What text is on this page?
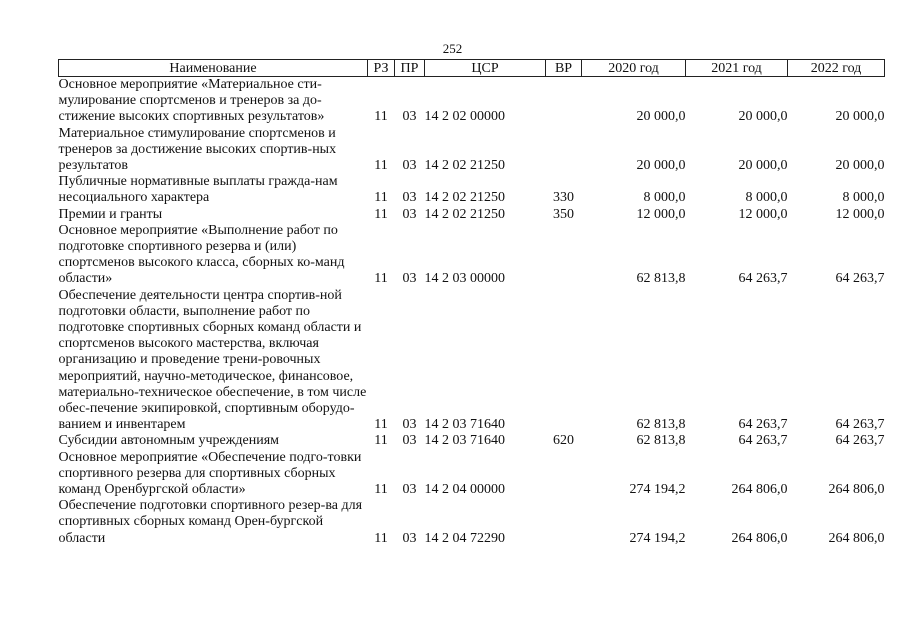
252
Наименование	РЗ	ПР	ЦСР	ВР	2020 год	2021 год	2022 год
Основное мероприятие «Материальное сти-мулирование спортсменов и тренеров за до-стижение высоких спортивных результатов»	11	03	14 2 02 00000		20 000,0	20 000,0	20 000,0
Материальное стимулирование спортсменов и тренеров за достижение высоких спортив-ных результатов	11	03	14 2 02 21250		20 000,0	20 000,0	20 000,0
Публичные нормативные выплаты гражда-нам несоциального характера	11	03	14 2 02 21250	330	8 000,0	8 000,0	8 000,0
Премии и гранты	11	03	14 2 02 21250	350	12 000,0	12 000,0	12 000,0
Основное мероприятие «Выполнение работ по подготовке спортивного резерва и (или) спортсменов высокого класса, сборных ко-манд области»	11	03	14 2 03 00000		62 813,8	64 263,7	64 263,7
Обеспечение деятельности центра спортив-ной подготовки области, выполнение работ по подготовке спортивных сборных команд области и спортсменов высокого мастерства, включая организацию и проведение трени-ровочных мероприятий, научно-методическое, финансовое, материально-техническое обеспечение, в том числе обес-печение экипировкой, спортивным оборудо-ванием и инвентарем	11	03	14 2 03 71640		62 813,8	64 263,7	64 263,7
Субсидии автономным учреждениям	11	03	14 2 03 71640	620	62 813,8	64 263,7	64 263,7
Основное мероприятие «Обеспечение подго-товки спортивного резерва для спортивных сборных команд Оренбургской области»	11	03	14 2 04 00000		274 194,2	264 806,0	264 806,0
Обеспечение подготовки спортивного резер-ва для спортивных сборных команд Орен-бургской области	11	03	14 2 04 72290		274 194,2	264 806,0	264 806,0
